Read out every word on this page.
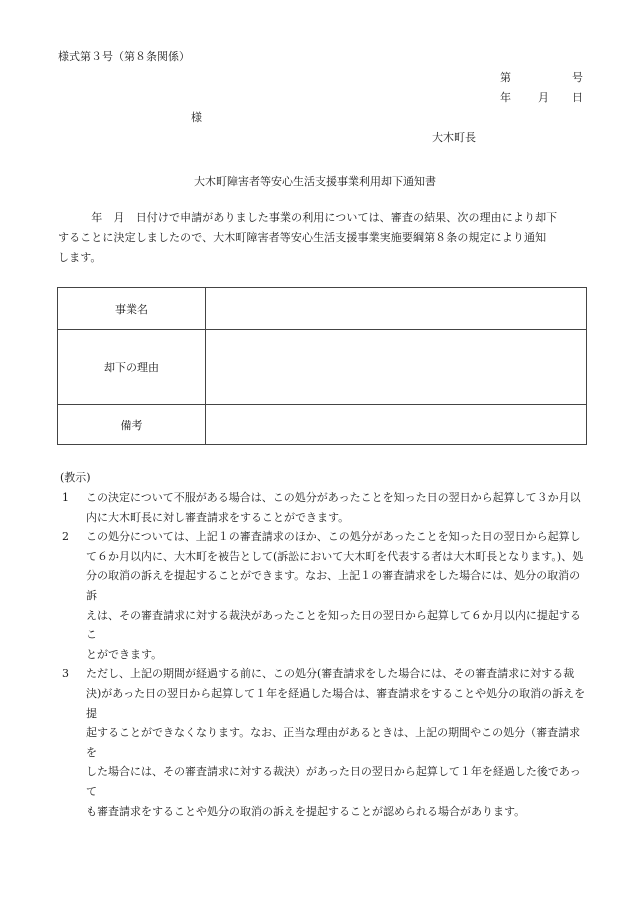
様式第３号（第８条関係）
第	号
年 月 日
様
大木町長
大木町障害者等安心生活支援事業利用却下通知書
　　　年　月　日付けで申請がありました事業の利用については、審査の結果、次の理由により却下
することに決定しましたので、大木町障害者等安心生活支援事業実施要綱第８条の規定により通知
します。
事業名	
却下の理由	
備考	
(教示)
1	この決定について不服がある場合は、この処分があったことを知った日の翌日から起算して３か月以
内に大木町長に対し審査請求をすることができます。
2	この処分については、上記１の審査請求のほか、この処分があったことを知った日の翌日から起算し
て６か月以内に、大木町を被告として(訴訟において大木町を代表する者は大木町長となります。)、処
分の取消の訴えを提起することができます。なお、上記１の審査請求をした場合には、処分の取消の訴
えは、その審査請求に対する裁決があったことを知った日の翌日から起算して６か月以内に提起するこ
とができます。
3	ただし、上記の期間が経過する前に、この処分(審査請求をした場合には、その審査請求に対する裁
決)があった日の翌日から起算して１年を経過した場合は、審査請求をすることや処分の取消の訴えを提
起することができなくなります。なお、正当な理由があるときは、上記の期間やこの処分（審査請求を
した場合には、その審査請求に対する裁決）があった日の翌日から起算して１年を経過した後であって
も審査請求をすることや処分の取消の訴えを提起することが認められる場合があります。
